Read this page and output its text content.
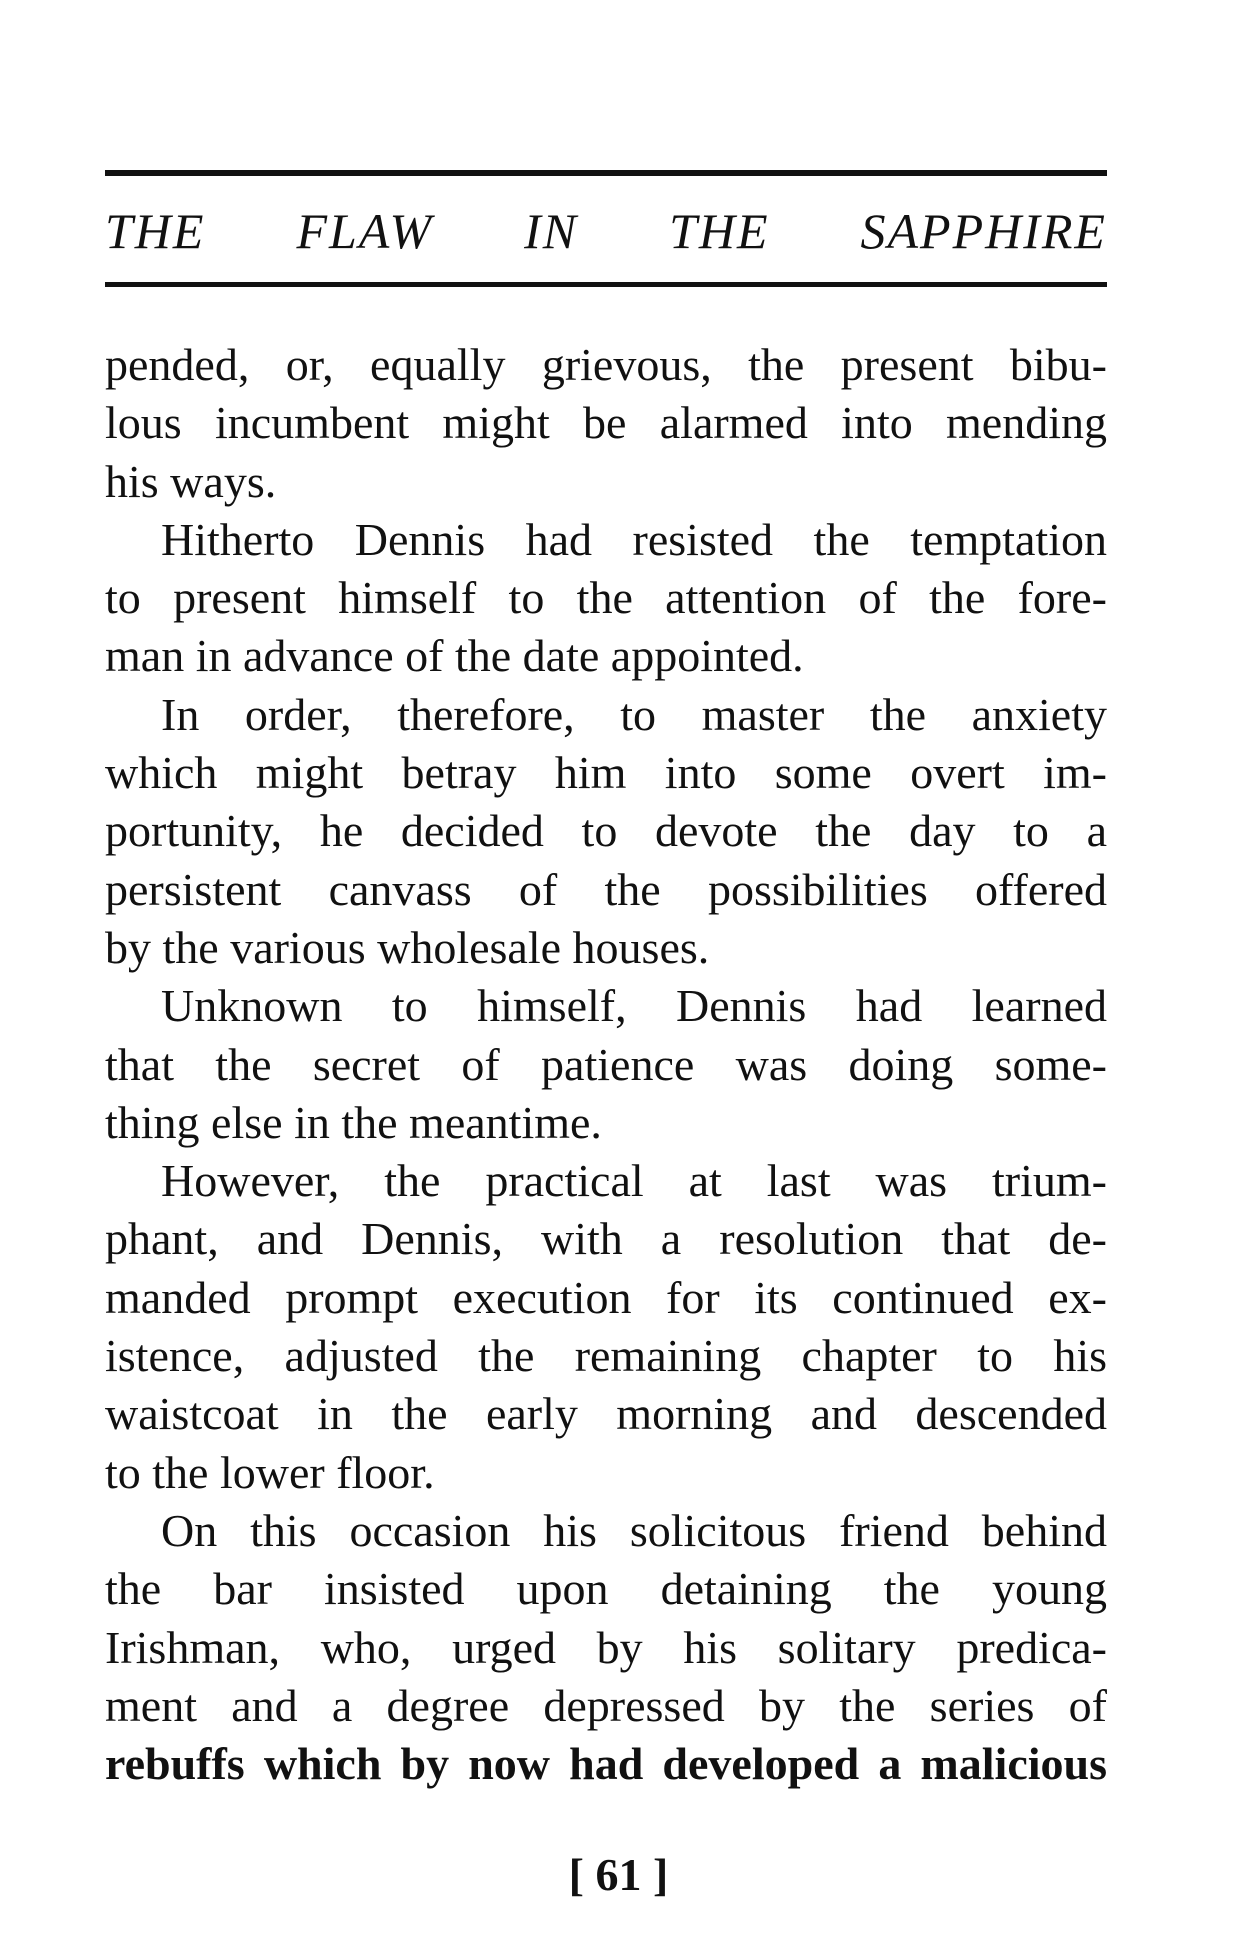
THE FLAW IN THE SAPPHIRE
pended, or, equally grievous, the present bibu-
lous incumbent might be alarmed into mending
his ways.
Hitherto Dennis had resisted the temptation
to present himself to the attention of the fore-
man in advance of the date appointed.
In order, therefore, to master the anxiety
which might betray him into some overt im-
portunity, he decided to devote the day to a
persistent canvass of the possibilities offered
by the various wholesale houses.
Unknown to himself, Dennis had learned
that the secret of patience was doing some-
thing else in the meantime.
However, the practical at last was trium-
phant, and Dennis, with a resolution that de-
manded prompt execution for its continued ex-
istence, adjusted the remaining chapter to his
waistcoat in the early morning and descended
to the lower floor.
On this occasion his solicitous friend behind
the bar insisted upon detaining the young
Irishman, who, urged by his solitary predica-
ment and a degree depressed by the series of
rebuffs which by now had developed a malicious
[ 61 ]
